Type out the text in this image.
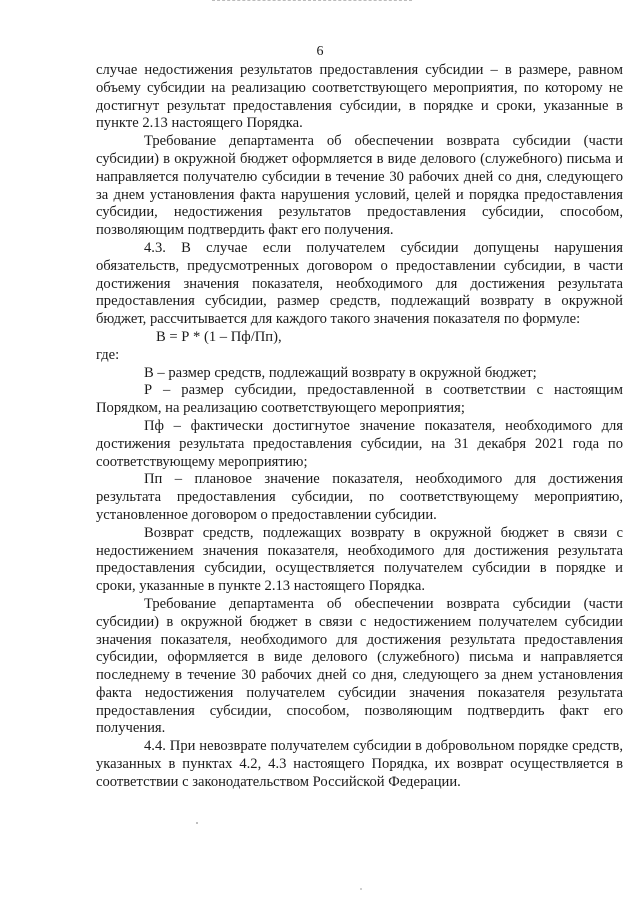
6

случае недостижения результатов предоставления субсидии – в размере, равном объему субсидии на реализацию соответствующего мероприятия, по которому не достигнут результат предоставления субсидии, в порядке и сроки, указанные в пункте 2.13 настоящего Порядка.

Требование департамента об обеспечении возврата субсидии (части субсидии) в окружной бюджет оформляется в виде делового (служебного) письма и направляется получателю субсидии в течение 30 рабочих дней со дня, следующего за днем установления факта нарушения условий, целей и порядка предоставления субсидии, недостижения результатов предоставления субсидии, способом, позволяющим подтвердить факт его получения.

4.3. В случае если получателем субсидии допущены нарушения обязательств, предусмотренных договором о предоставлении субсидии, в части достижения значения показателя, необходимого для достижения результата предоставления субсидии, размер средств, подлежащий возврату в окружной бюджет, рассчитывается для каждого такого значения показателя по формуле:

В = Р * (1 – Пф/Пп),

где:

В – размер средств, подлежащий возврату в окружной бюджет;

Р – размер субсидии, предоставленной в соответствии с настоящим Порядком, на реализацию соответствующего мероприятия;

Пф – фактически достигнутое значение показателя, необходимого для достижения результата предоставления субсидии, на 31 декабря 2021 года по соответствующему мероприятию;

Пп – плановое значение показателя, необходимого для достижения результата предоставления субсидии, по соответствующему мероприятию, установленное договором о предоставлении субсидии.

Возврат средств, подлежащих возврату в окружной бюджет в связи с недостижением значения показателя, необходимого для достижения результата предоставления субсидии, осуществляется получателем субсидии в порядке и сроки, указанные в пункте 2.13 настоящего Порядка.

Требование департамента об обеспечении возврата субсидии (части субсидии) в окружной бюджет в связи с недостижением получателем субсидии значения показателя, необходимого для достижения результата предоставления субсидии, оформляется в виде делового (служебного) письма и направляется последнему в течение 30 рабочих дней со дня, следующего за днем установления факта недостижения получателем субсидии значения показателя результата предоставления субсидии, способом, позволяющим подтвердить факт его получения.

4.4. При невозврате получателем субсидии в добровольном порядке средств, указанных в пунктах 4.2, 4.3 настоящего Порядка, их возврат осуществляется в соответствии с законодательством Российской Федерации.
